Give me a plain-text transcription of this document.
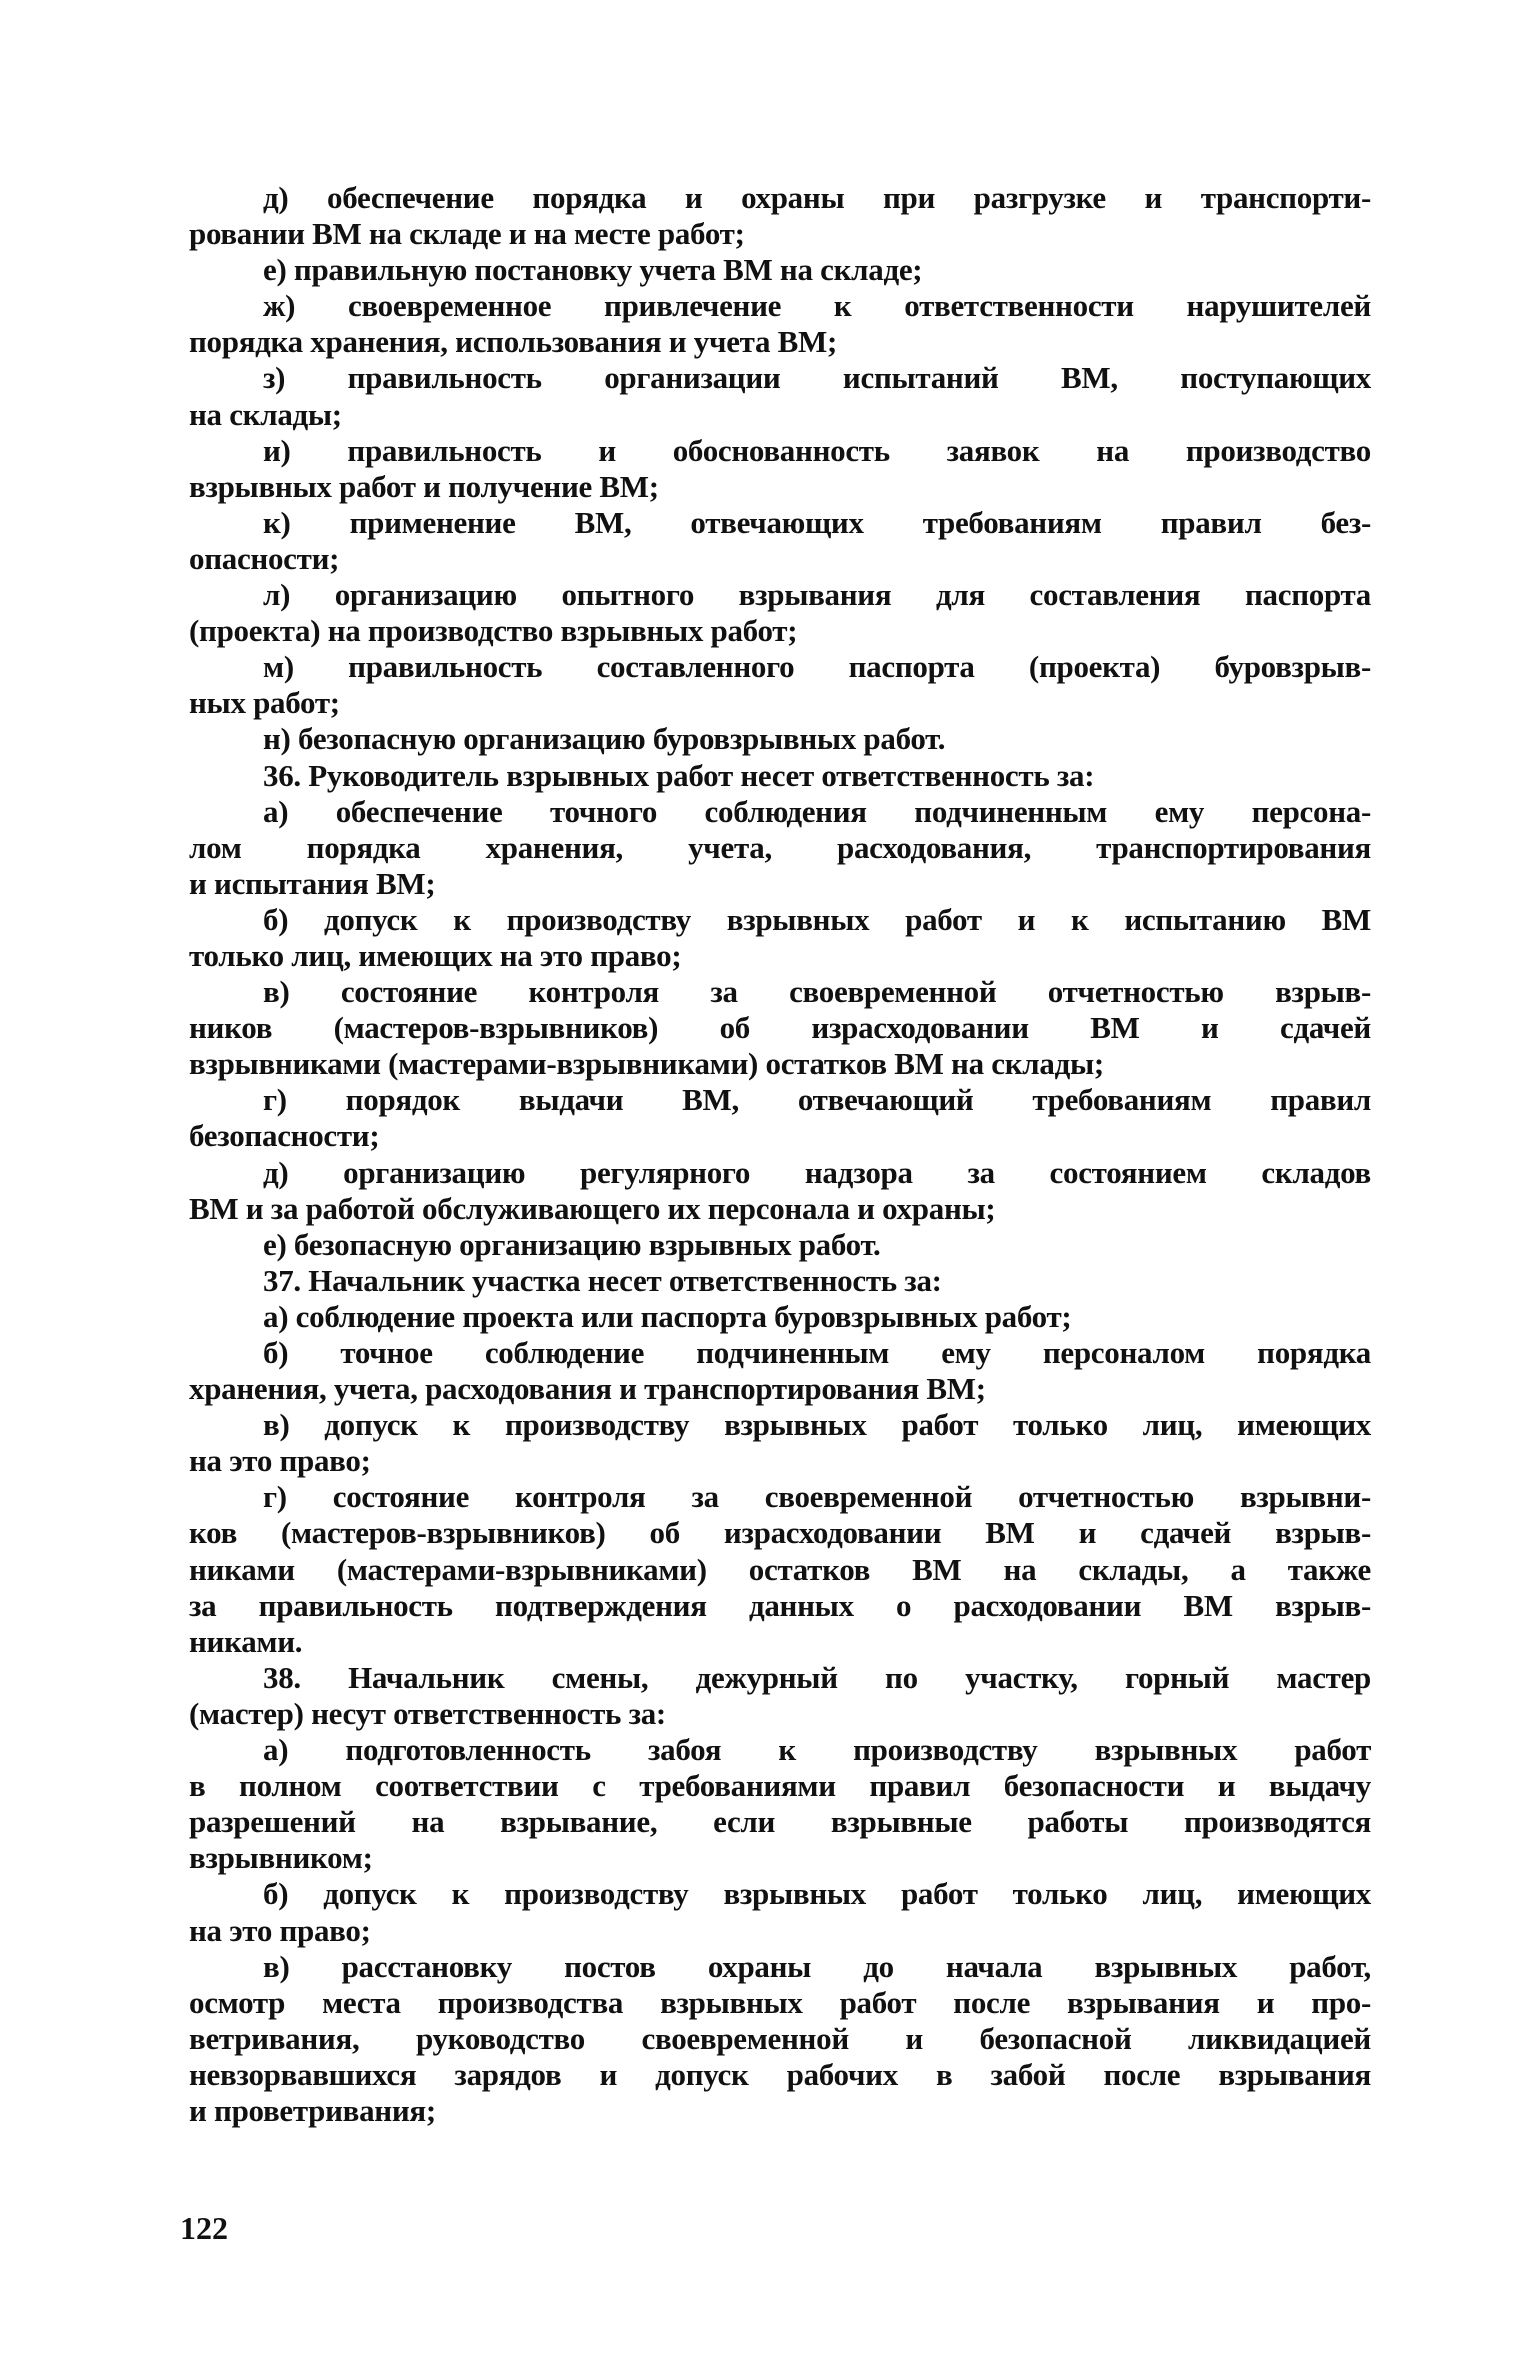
д) обеспечение порядка и охраны при разгрузке и транспорти-
ровании ВМ на складе и на месте работ;
е) правильную постановку учета ВМ на складе;
ж) своевременное привлечение к ответственности нарушителей
порядка хранения, использования и учета ВМ;
з) правильность организации испытаний ВМ, поступающих
на склады;
и) правильность и обоснованность заявок на производство
взрывных работ и получение ВМ;
к) применение ВМ, отвечающих требованиям правил без-
опасности;
л) организацию опытного взрывания для составления паспорта
(проекта) на производство взрывных работ;
м) правильность составленного паспорта (проекта) буровзрыв-
ных работ;
н) безопасную организацию буровзрывных работ.
36. Руководитель взрывных работ несет ответственность за:
а) обеспечение точного соблюдения подчиненным ему персона-
лом порядка хранения, учета, расходования, транспортирования
и испытания ВМ;
б) допуск к производству взрывных работ и к испытанию ВМ
только лиц, имеющих на это право;
в) состояние контроля за своевременной отчетностью взрыв-
ников (мастеров-взрывников) об израсходовании ВМ и сдачей
взрывниками (мастерами-взрывниками) остатков ВМ на склады;
г) порядок выдачи ВМ, отвечающий требованиям правил
безопасности;
д) организацию регулярного надзора за состоянием складов
ВМ и за работой обслуживающего их персонала и охраны;
е) безопасную организацию взрывных работ.
37. Начальник участка несет ответственность за:
а) соблюдение проекта или паспорта буровзрывных работ;
б) точное соблюдение подчиненным ему персоналом порядка
хранения, учета, расходования и транспортирования ВМ;
в) допуск к производству взрывных работ только лиц, имеющих
на это право;
г) состояние контроля за своевременной отчетностью взрывни-
ков (мастеров-взрывников) об израсходовании ВМ и сдачей взрыв-
никами (мастерами-взрывниками) остатков ВМ на склады, а также
за правильность подтверждения данных о расходовании ВМ взрыв-
никами.
38. Начальник смены, дежурный по участку, горный мастер
(мастер) несут ответственность за:
а) подготовленность забоя к производству взрывных работ
в полном соответствии с требованиями правил безопасности и выдачу
разрешений на взрывание, если взрывные работы производятся
взрывником;
б) допуск к производству взрывных работ только лиц, имеющих
на это право;
в) расстановку постов охраны до начала взрывных работ,
осмотр места производства взрывных работ после взрывания и про-
ветривания, руководство своевременной и безопасной ликвидацией
невзорвавшихся зарядов и допуск рабочих в забой после взрывания
и проветривания;
122
